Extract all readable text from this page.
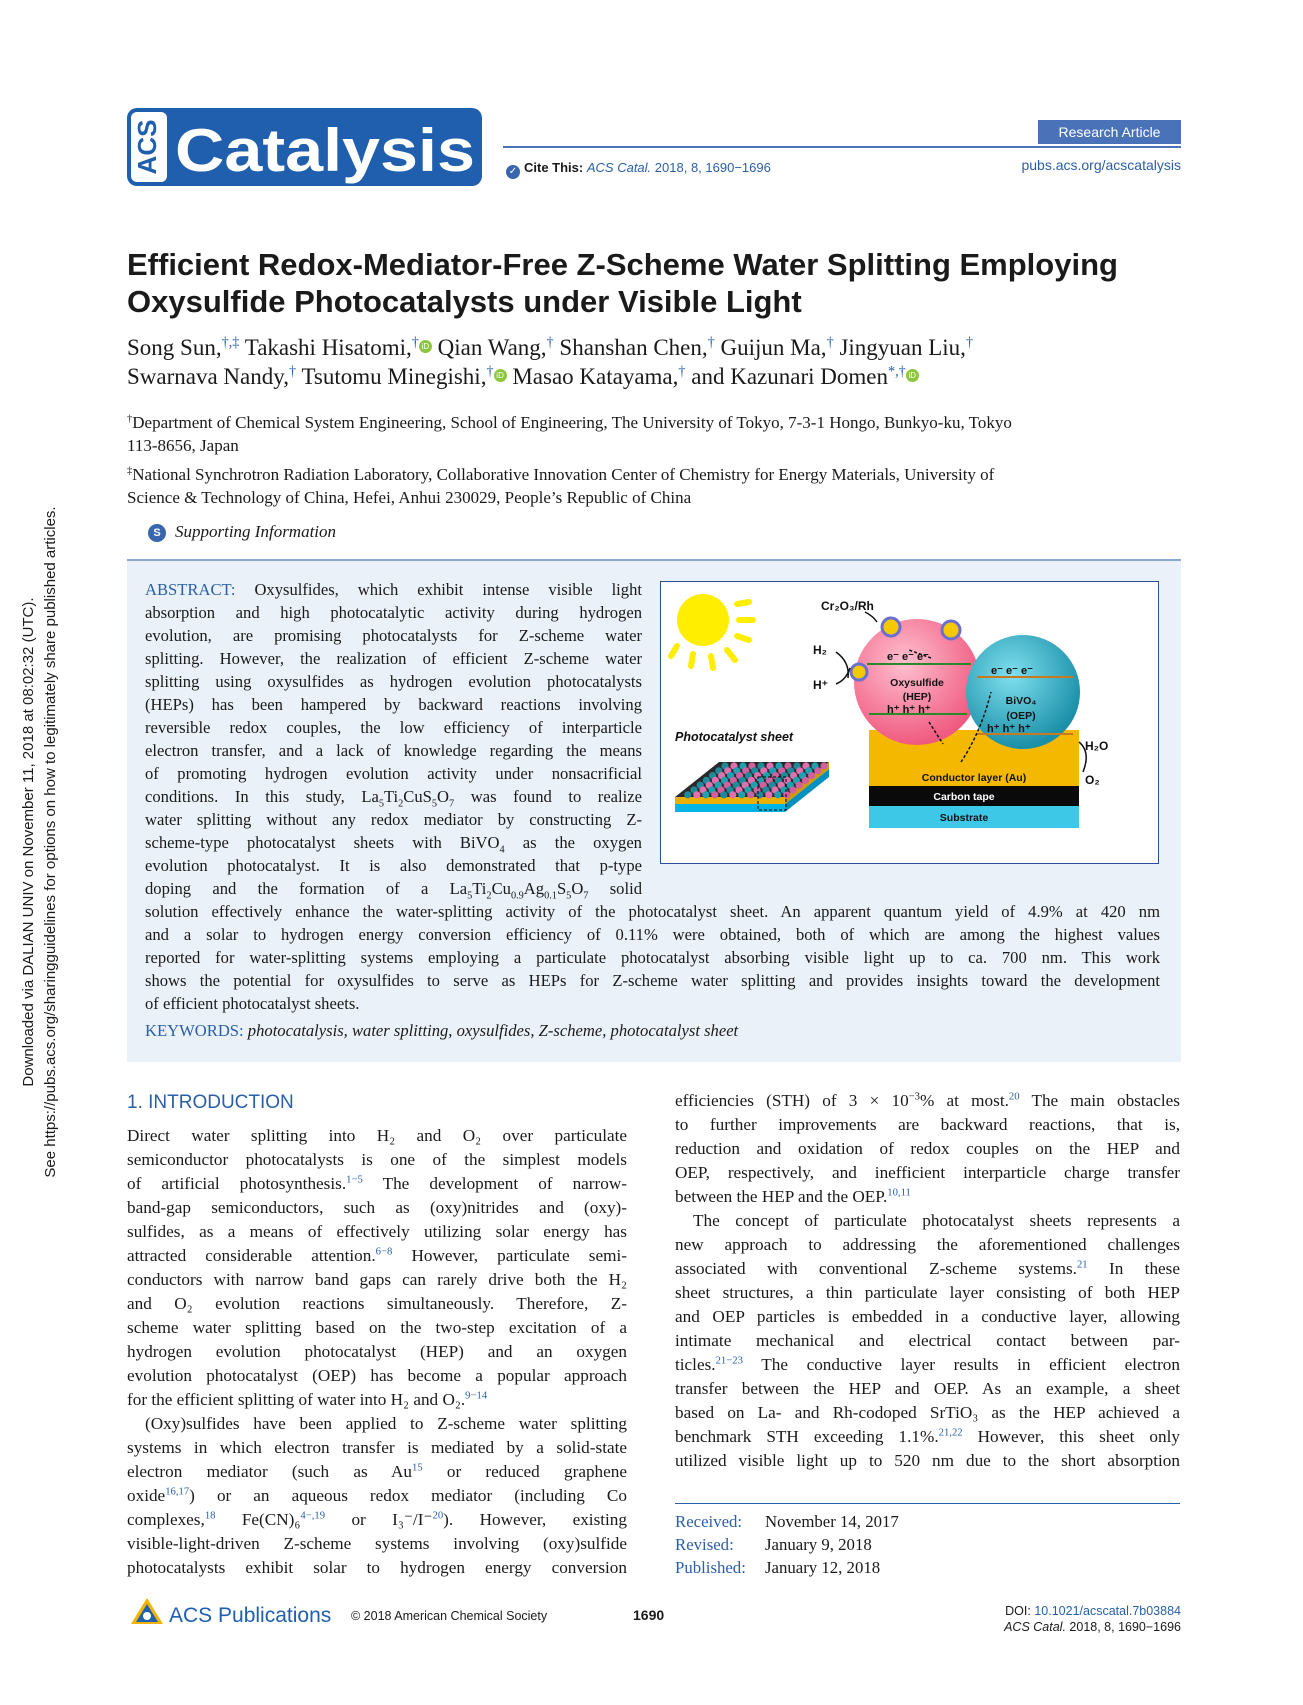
Downloaded via DALIAN UNIV on November 11, 2018 at 08:02:32 (UTC). See https://pubs.acs.org/sharingguidelines for options on how to legitimately share published articles.
ACS Catalysis	Research Article
✓ Cite This: ACS Catal. 2018, 8, 1690−1696	pubs.acs.org/acscatalysis
Efficient Redox-Mediator-Free Z-Scheme Water Splitting Employing
Oxysulfide Photocatalysts under Visible Light
Song Sun,†,‡ Takashi Hisatomi,† iD Qian Wang,† Shanshan Chen,† Guijun Ma,† Jingyuan Liu,†
Swarnava Nandy,† Tsutomu Minegishi,† iD Masao Katayama,† and Kazunari Domen*,† iD
†Department of Chemical System Engineering, School of Engineering, The University of Tokyo, 7-3-1 Hongo, Bunkyo-ku, Tokyo
113-8656, Japan
‡National Synchrotron Radiation Laboratory, Collaborative Innovation Center of Chemistry for Energy Materials, University of
Science & Technology of China, Hefei, Anhui 230029, People’s Republic of China
S Supporting Information
ABSTRACT: Oxysulfides, which exhibit intense visible light
absorption and high photocatalytic activity during hydrogen
evolution, are promising photocatalysts for Z-scheme water
splitting. However, the realization of efficient Z-scheme water
splitting using oxysulfides as hydrogen evolution photocatalysts
(HEPs) has been hampered by backward reactions involving
reversible redox couples, the low efficiency of interparticle
electron transfer, and a lack of knowledge regarding the means
of promoting hydrogen evolution activity under nonsacrificial
conditions. In this study, $La_5Ti_2CuS_5O_7$ was found to realize
water splitting without any redox mediator by constructing Z-
scheme-type photocatalyst sheets with BiVO$_4$ as the oxygen
evolution photocatalyst. It is also demonstrated that p-type
doping and the formation of a $La_5Ti_2Cu_{0.9}Ag_{0.1}S_5O_7$ solid
solution effectively enhance the water-splitting activity of the photocatalyst sheet. An apparent quantum yield of 4.9% at 420 nm
and a solar to hydrogen energy conversion efficiency of 0.11% were obtained, both of which are among the highest values
reported for water-splitting systems employing a particulate photocatalyst absorbing visible light up to ca. 700 nm. This work
shows the potential for oxysulfides to serve as HEPs for Z-scheme water splitting and provides insights toward the development
of efficient photocatalyst sheets.
KEYWORDS: photocatalysis, water splitting, oxysulfides, Z-scheme, photocatalyst sheet
Photocatalyst sheet
Conductor layer (Au)
Carbon tape
Substrate
Cr₂O₃/Rh
H₂
H⁺
e⁻ e⁻ e⁻
Oxysulfide
(HEP)
h⁺ h⁺ h⁺
e⁻ e⁻ e⁻
BiVO₄
(OEP)
h⁺ h⁺ h⁺
H₂O
O₂
1. INTRODUCTION
Direct water splitting into H₂ and O₂ over particulate
semiconductor photocatalysts is one of the simplest models
of artificial photosynthesis.$^{1-5}$ The development of narrow-
band-gap semiconductors, such as (oxy)nitrides and (oxy)-
sulfides, as a means of effectively utilizing solar energy has
attracted considerable attention.$^{6-8}$ However, particulate semi-
conductors with narrow band gaps can rarely drive both the H₂
and O₂ evolution reactions simultaneously. Therefore, Z-
scheme water splitting based on the two-step excitation of a
hydrogen evolution photocatalyst (HEP) and an oxygen
evolution photocatalyst (OEP) has become a popular approach
for the efficient splitting of water into H₂ and O₂.$^{9-14}$
(Oxy)sulfides have been applied to Z-scheme water splitting
systems in which electron transfer is mediated by a solid-state
electron mediator (such as Au$^{15}$ or reduced graphene
oxide$^{16,17}$) or an aqueous redox mediator (including Co
complexes,$^{18}$ Fe(CN)₆$^{4-,19}$ or I₃⁻/I⁻$^{20}$). However, existing
visible-light-driven Z-scheme systems involving (oxy)sulfide
photocatalysts exhibit solar to hydrogen energy conversion
efficiencies (STH) of $3 \times 10^{-3}\%$ at most.$^{20}$ The main obstacles
to further improvements are backward reactions, that is,
reduction and oxidation of redox couples on the HEP and
OEP, respectively, and inefficient interparticle charge transfer
between the HEP and the OEP.$^{10,11}$
The concept of particulate photocatalyst sheets represents a
new approach to addressing the aforementioned challenges
associated with conventional Z-scheme systems.$^{21}$ In these
sheet structures, a thin particulate layer consisting of both HEP
and OEP particles is embedded in a conductive layer, allowing
intimate mechanical and electrical contact between par-
ticles.$^{21-23}$ The conductive layer results in efficient electron
transfer between the HEP and OEP. As an example, a sheet
based on La- and Rh-codoped SrTiO₃ as the HEP achieved a
benchmark STH exceeding 1.1%.$^{21,22}$ However, this sheet only
utilized visible light up to 520 nm due to the short absorption
Received: November 14, 2017
Revised: January 9, 2018
Published: January 12, 2018
ACS Publications © 2018 American Chemical Society	1690	DOI: 10.1021/acscatal.7b03884
ACS Catal. 2018, 8, 1690−1696
